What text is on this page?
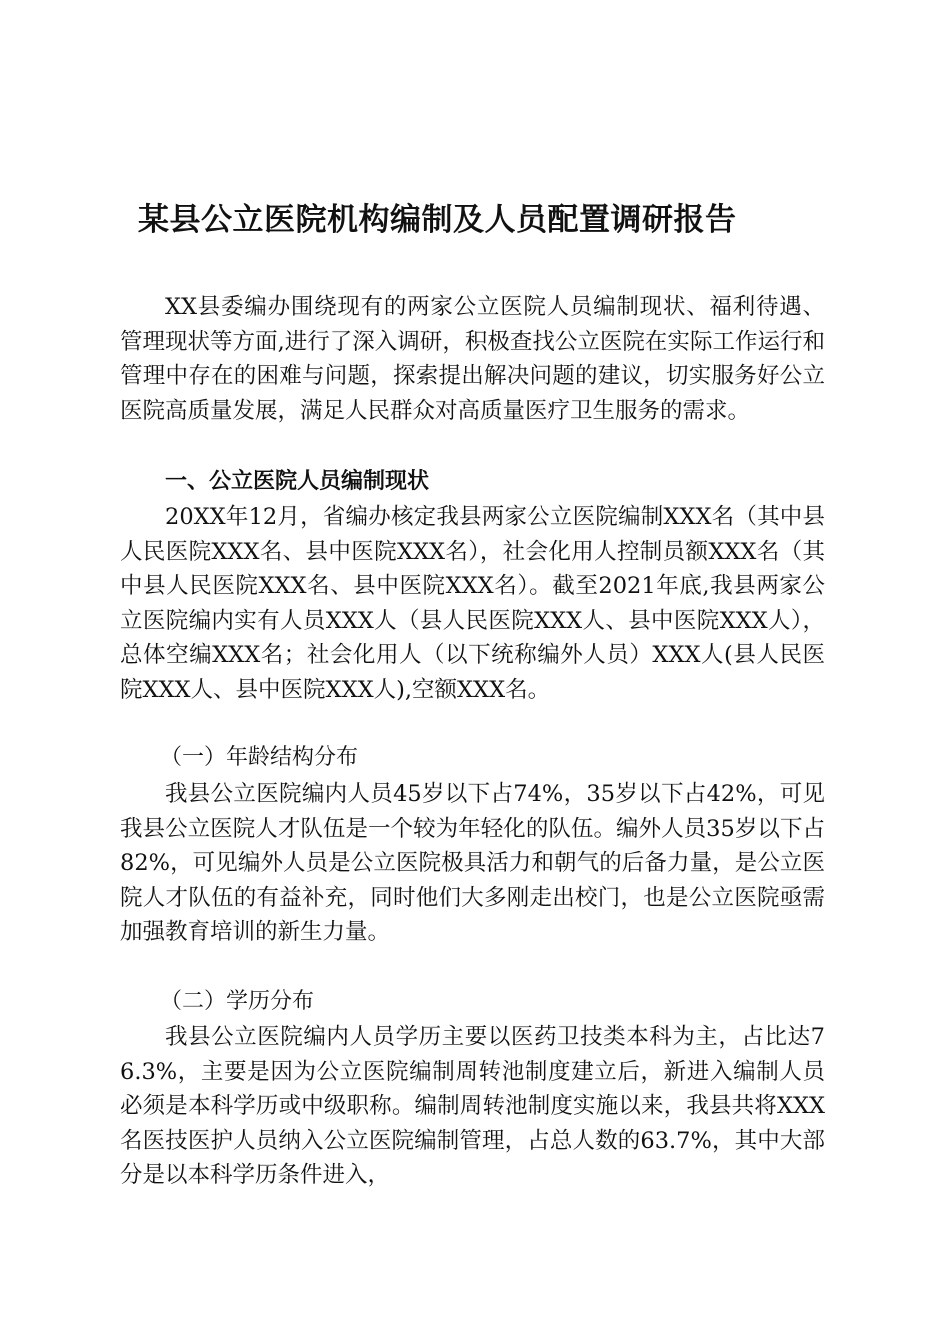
某县公立医院机构编制及人员配置调研报告

XX县委编办围绕现有的两家公立医院人员编制现状、福利待遇、管理现状等方面,进行了深入调研，积极查找公立医院在实际工作运行和管理中存在的困难与问题，探索提出解决问题的建议，切实服务好公立医院高质量发展，满足人民群众对高质量医疗卫生服务的需求。

一、公立医院人员编制现状

20XX年12月，省编办核定我县两家公立医院编制XXX名（其中县人民医院XXX名、县中医院XXX名），社会化用人控制员额XXX名（其中县人民医院XXX名、县中医院XXX名）。截至2021年底,我县两家公立医院编内实有人员XXX人（县人民医院XXX人、县中医院XXX人），总体空编XXX名；社会化用人（以下统称编外人员）XXX人(县人民医院XXX人、县中医院XXX人),空额XXX名。

（一）年龄结构分布

我县公立医院编内人员45岁以下占74%，35岁以下占42%，可见我县公立医院人才队伍是一个较为年轻化的队伍。编外人员35岁以下占82%，可见编外人员是公立医院极具活力和朝气的后备力量，是公立医院人才队伍的有益补充，同时他们大多刚走出校门，也是公立医院亟需加强教育培训的新生力量。

（二）学历分布

我县公立医院编内人员学历主要以医药卫技类本科为主，占比达76.3%，主要是因为公立医院编制周转池制度建立后，新进入编制人员必须是本科学历或中级职称。编制周转池制度实施以来，我县共将XXX名医技医护人员纳入公立医院编制管理，占总人数的63.7%，其中大部分是以本科学历条件进入，
